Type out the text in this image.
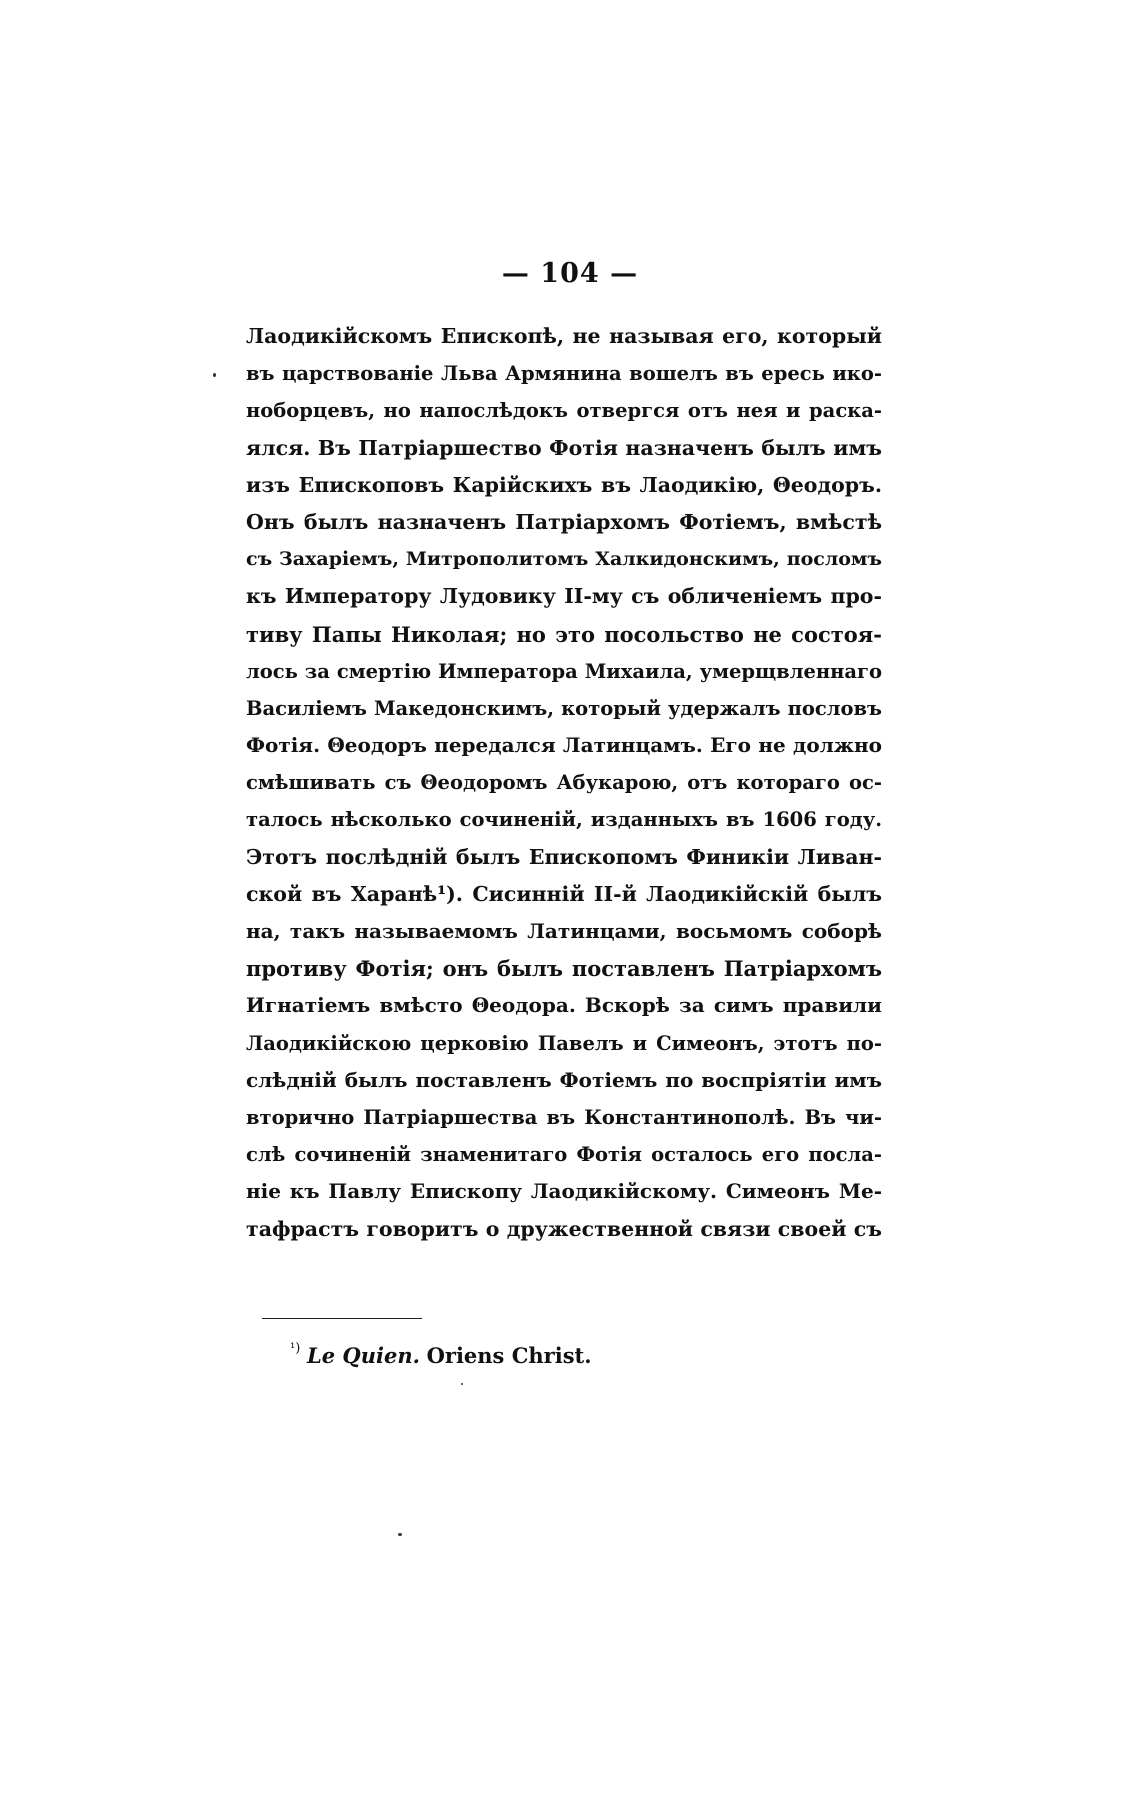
— 104 —
Лаодикійскомъ Епископѣ, не называя его, который
въ царствованіе Льва Армянина вошелъ въ ересь ико-
ноборцевъ, но напослѣдокъ отвергся отъ нея и раска-
ялся. Въ Патріаршество Фотія назначенъ былъ имъ
изъ Епископовъ Карійскихъ въ Лаодикію, Θеодоръ.
Онъ былъ назначенъ Патріархомъ Фотіемъ, вмѣстѣ
съ Захаріемъ, Митрополитомъ Халкидонскимъ, посломъ
къ Императору Лудовику II-му съ обличеніемъ про-
тиву Папы Николая; но это посольство не состоя-
лось за смертію Императора Михаила, умерщвленнаго
Василіемъ Македонскимъ, который удержалъ пословъ
Фотія. Θеодоръ передался Латинцамъ. Его не должно
смѣшивать съ Θеодоромъ Абукарою, отъ котораго ос-
талось нѣсколько сочиненій, изданныхъ въ 1606 году.
Этотъ послѣдній былъ Епископомъ Финикіи Ливан-
ской въ Харанѣ¹). Сисинній II-й Лаодикійскій былъ
на, такъ называемомъ Латинцами, восьмомъ соборѣ
противу Фотія; онъ былъ поставленъ Патріархомъ
Игнатіемъ вмѣсто Θеодора. Вскорѣ за симъ правили
Лаодикійскою церковію Павелъ и Симеонъ, этотъ по-
слѣдній былъ поставленъ Фотіемъ по воспріятіи имъ
вторично Патріаршества въ Константинополѣ. Въ чи-
слѣ сочиненій знаменитаго Фотія осталось его посла-
ніе къ Павлу Епископу Лаодикійскому. Симеонъ Ме-
тафрастъ говоритъ о дружественной связи своей съ
$^{^1)}$ Le Quien. Oriens Christ.
